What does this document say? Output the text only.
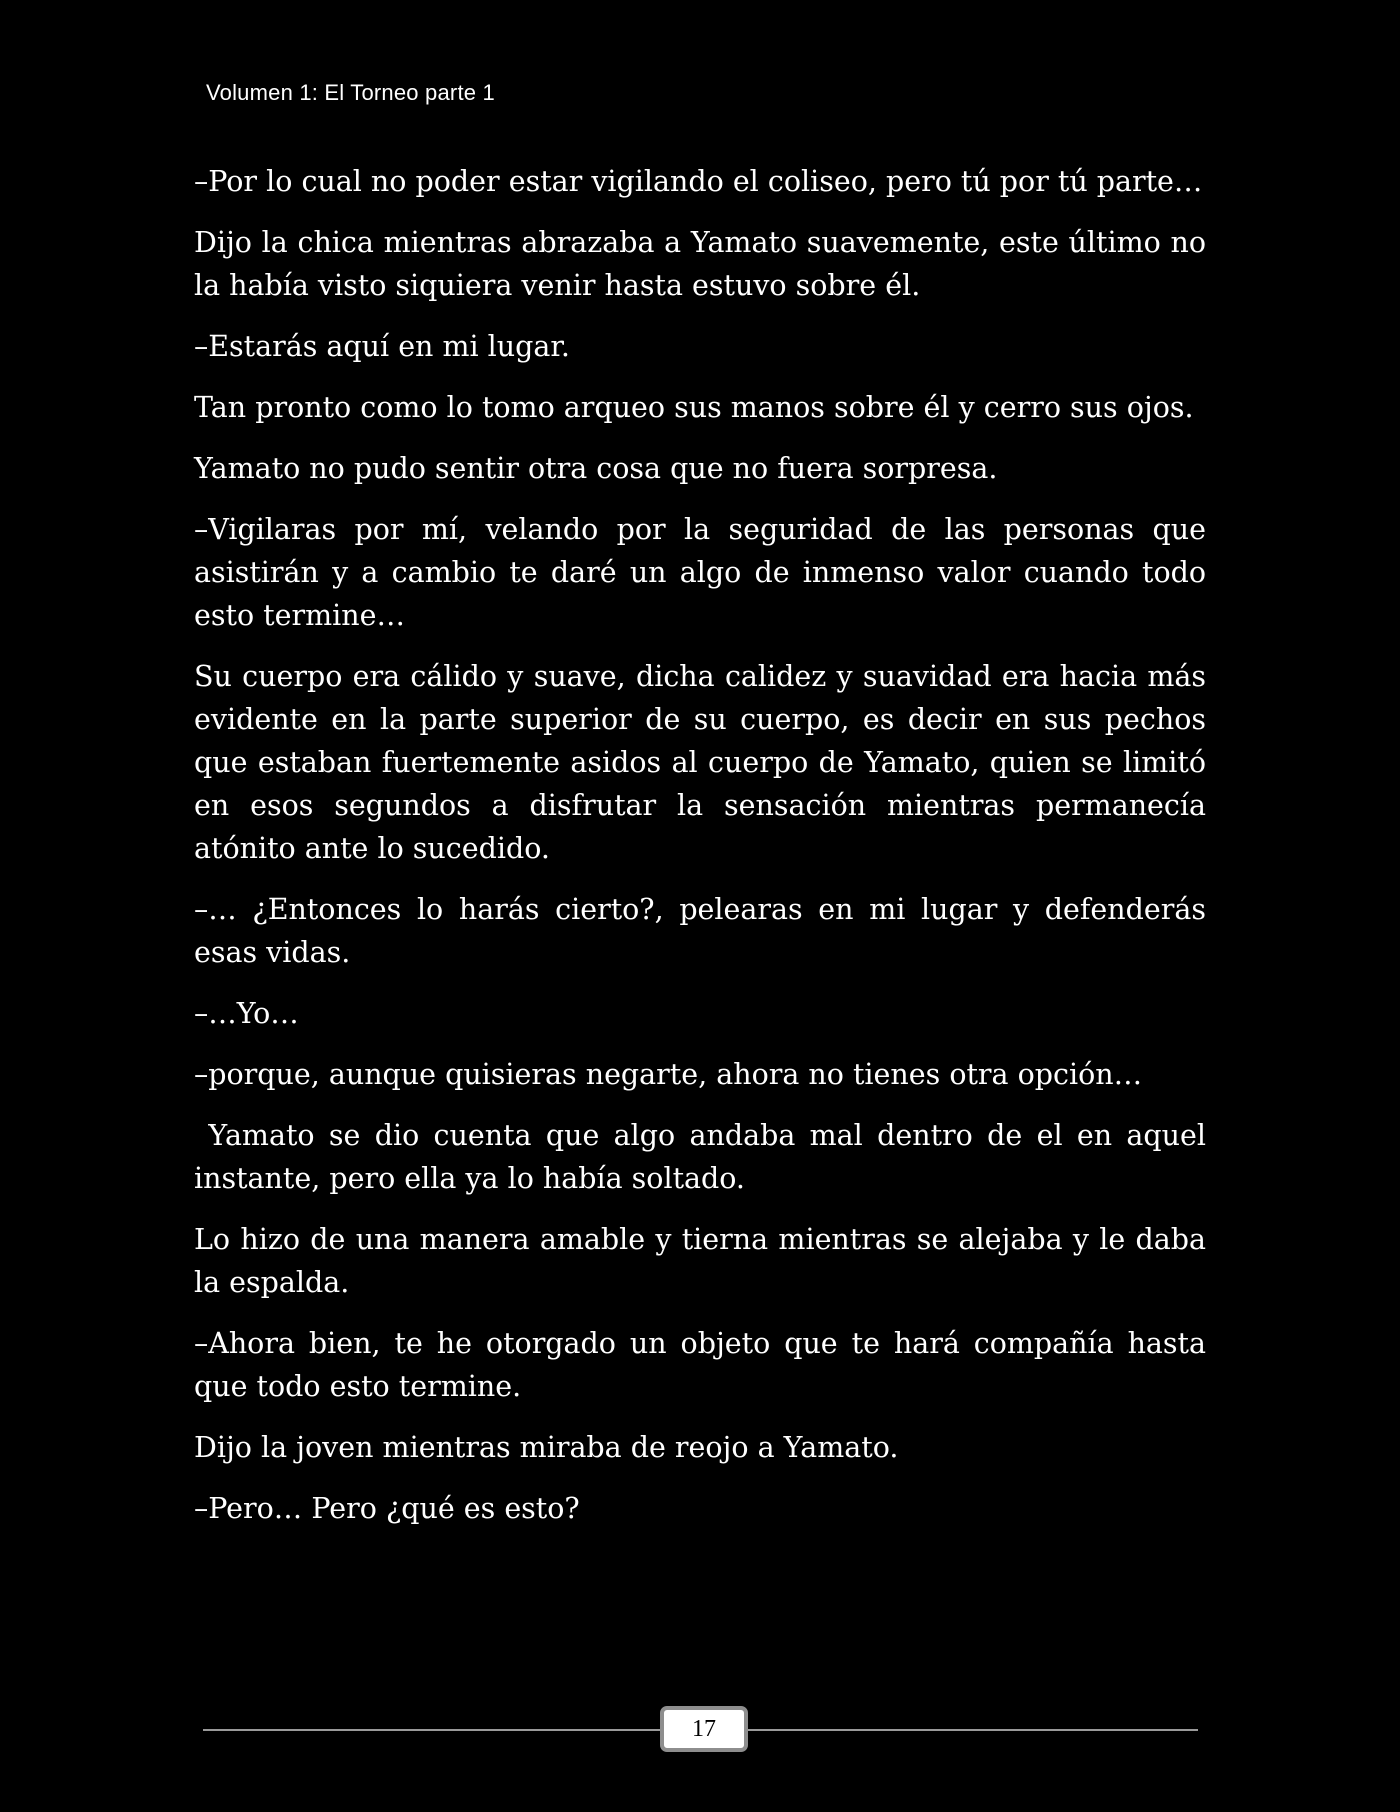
Volumen 1: El Torneo parte 1

–Por lo cual no poder estar vigilando el coliseo, pero tú por tú parte…

Dijo la chica mientras abrazaba a Yamato suavemente, este último no la había visto siquiera venir hasta estuvo sobre él.

–Estarás aquí en mi lugar.

Tan pronto como lo tomo arqueo sus manos sobre él y cerro sus ojos.

Yamato no pudo sentir otra cosa que no fuera sorpresa.

–Vigilaras por mí, velando por la seguridad de las personas que asistirán y a cambio te daré un algo de inmenso valor cuando todo esto termine…

Su cuerpo era cálido y suave, dicha calidez y suavidad era hacia más evidente en la parte superior de su cuerpo, es decir en sus pechos que estaban fuertemente asidos al cuerpo de Yamato, quien se limitó en esos segundos a disfrutar la sensación mientras permanecía atónito ante lo sucedido.

–… ¿Entonces lo harás cierto?, pelearas en mi lugar y defenderás esas vidas.

–…Yo…

–porque, aunque quisieras negarte, ahora no tienes otra opción…

Yamato se dio cuenta que algo andaba mal dentro de el en aquel instante, pero ella ya lo había soltado.

Lo hizo de una manera amable y tierna mientras se alejaba y le daba la espalda.

–Ahora bien, te he otorgado un objeto que te hará compañía hasta que todo esto termine.

Dijo la joven mientras miraba de reojo a Yamato.

–Pero… Pero ¿qué es esto?

17
